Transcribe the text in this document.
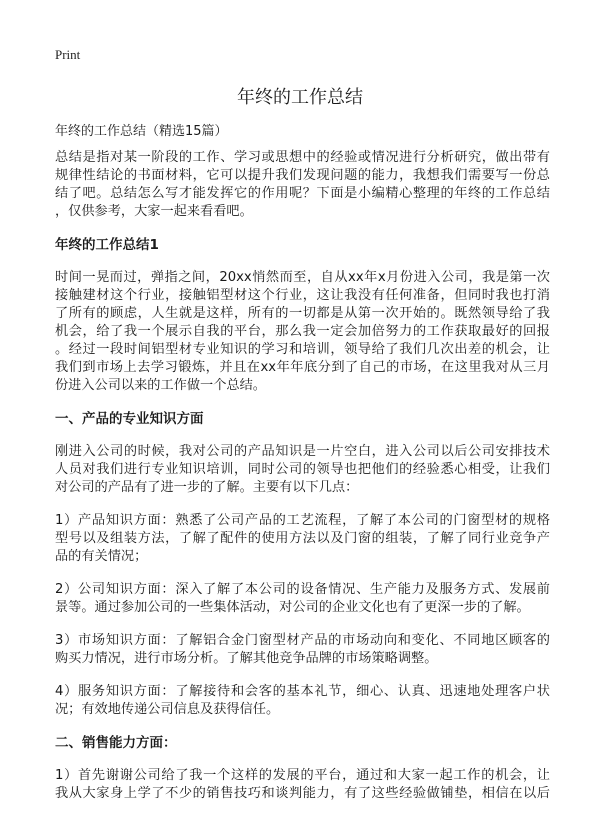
Print
年终的工作总结
年终的工作总结（精选15篇）
总结是指对某一阶段的工作、学习或思想中的经验或情况进行分析研究，做出带有
规律性结论的书面材料，它可以提升我们发现问题的能力，我想我们需要写一份总
结了吧。总结怎么写才能发挥它的作用呢？下面是小编精心整理的年终的工作总结
，仅供参考，大家一起来看看吧。
年终的工作总结1
时间一晃而过，弹指之间，20xx悄然而至，自从xx年x月份进入公司，我是第一次
接触建材这个行业，接触铝型材这个行业，这让我没有任何准备，但同时我也打消
了所有的顾虑，人生就是这样，所有的一切都是从第一次开始的。既然领导给了我
机会，给了我一个展示自我的平台，那么我一定会加倍努力的工作获取最好的回报
。经过一段时间铝型材专业知识的学习和培训，领导给了我们几次出差的机会，让
我们到市场上去学习锻炼，并且在xx年年底分到了自己的市场，在这里我对从三月
份进入公司以来的工作做一个总结。
一、产品的专业知识方面
刚进入公司的时候，我对公司的产品知识是一片空白，进入公司以后公司安排技术
人员对我们进行专业知识培训，同时公司的领导也把他们的经验悉心相受，让我们
对公司的产品有了进一步的了解。主要有以下几点：
1）产品知识方面：熟悉了公司产品的工艺流程，了解了本公司的门窗型材的规格
型号以及组装方法，了解了配件的使用方法以及门窗的组装，了解了同行业竞争产
品的有关情况；
2）公司知识方面：深入了解了本公司的设备情况、生产能力及服务方式、发展前
景等。通过参加公司的一些集体活动，对公司的企业文化也有了更深一步的了解。
3）市场知识方面：了解铝合金门窗型材产品的市场动向和变化、不同地区顾客的
购买力情况，进行市场分析。了解其他竞争品牌的市场策略调整。
4）服务知识方面：了解接待和会客的基本礼节，细心、认真、迅速地处理客户状
况；有效地传递公司信息及获得信任。
二、销售能力方面：
1）首先谢谢公司给了我一个这样的发展的平台，通过和大家一起工作的机会，让
我从大家身上学了不少的销售技巧和谈判能力，有了这些经验做铺垫，相信在以后
